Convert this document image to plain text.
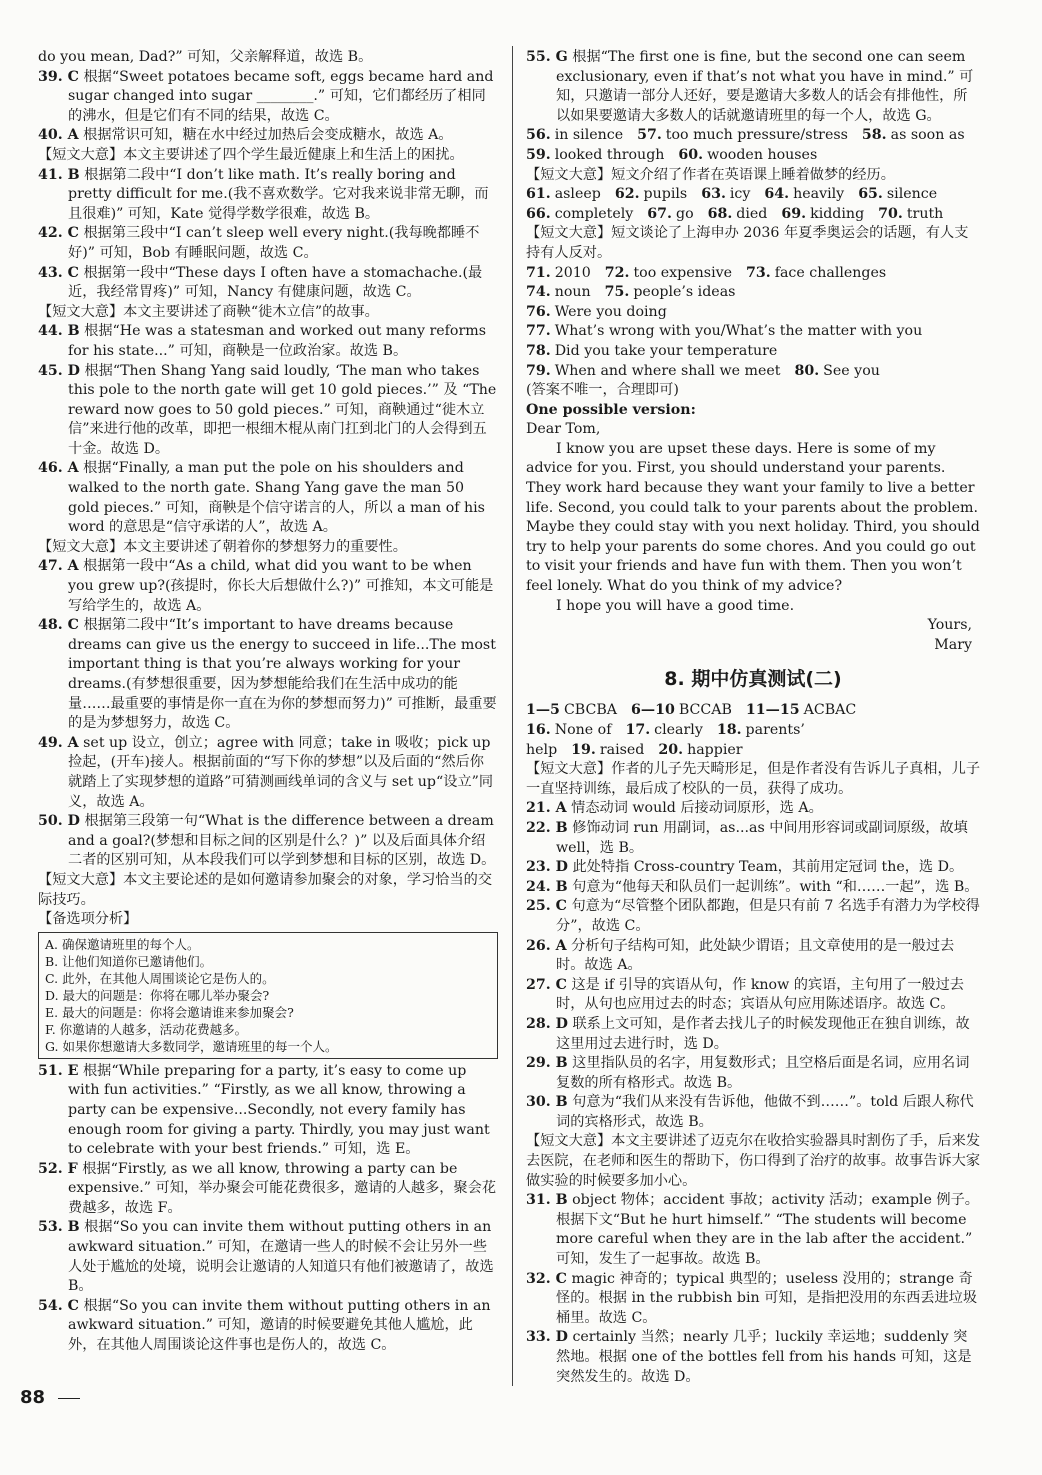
do you mean, Dad?” 可知，父亲解释道，故选 B。

39. C 根据“Sweet potatoes became soft, eggs became hard and sugar changed into sugar ________.” 可知，它们都经历了相同的沸水，但是它们有不同的结果，故选 C。

40. A 根据常识可知，糖在水中经过加热后会变成糖水，故选 A。

【短文大意】本文主要讲述了四个学生最近健康上和生活上的困扰。

41. B 根据第二段中“I don’t like math. It’s really boring and pretty difficult for me.(我不喜欢数学。它对我来说非常无聊，而且很难)” 可知，Kate 觉得学数学很难，故选 B。

42. C 根据第三段中“I can’t sleep well every night.(我每晚都睡不好)” 可知，Bob 有睡眠问题，故选 C。

43. C 根据第一段中“These days I often have a stomachache.(最近，我经常胃疼)” 可知，Nancy 有健康问题，故选 C。

【短文大意】本文主要讲述了商鞅“徙木立信”的故事。

44. B 根据“He was a statesman and worked out many reforms for his state...” 可知，商鞅是一位政治家。故选 B。

45. D 根据“Then Shang Yang said loudly, ‘The man who takes this pole to the north gate will get 10 gold pieces.’” 及 “The reward now goes to 50 gold pieces.” 可知，商鞅通过“徙木立信”来进行他的改革，即把一根细木棍从南门扛到北门的人会得到五十金。故选 D。

46. A 根据“Finally, a man put the pole on his shoulders and walked to the north gate. Shang Yang gave the man 50 gold pieces.” 可知，商鞅是个信守诺言的人，所以 a man of his word 的意思是“信守承诺的人”，故选 A。

【短文大意】本文主要讲述了朝着你的梦想努力的重要性。

47. A 根据第一段中“As a child, what did you want to be when you grew up?(孩提时，你长大后想做什么?)” 可推知，本文可能是写给学生的，故选 A。

48. C 根据第二段中“It’s important to have dreams because dreams can give us the energy to succeed in life...The most important thing is that you’re always working for your dreams.(有梦想很重要，因为梦想能给我们在生活中成功的能量……最重要的事情是你一直在为你的梦想而努力)” 可推断，最重要的是为梦想努力，故选 C。

49. A set up 设立，创立；agree with 同意；take in 吸收；pick up 捡起，(开车)接人。根据前面的“写下你的梦想”以及后面的“然后你就踏上了实现梦想的道路”可猜测画线单词的含义与 set up“设立”同义，故选 A。

50. D 根据第三段第一句“What is the difference between a dream and a goal?(梦想和目标之间的区别是什么？)” 以及后面具体介绍二者的区别可知，从本段我们可以学到梦想和目标的区别，故选 D。

【短文大意】本文主要论述的是如何邀请参加聚会的对象，学习恰当的交际技巧。

【备选项分析】

A. 确保邀请班里的每个人。
B. 让他们知道你已邀请他们。
C. 此外，在其他人周围谈论它是伤人的。
D. 最大的问题是：你将在哪儿举办聚会?
E. 最大的问题是：你将会邀请谁来参加聚会?
F. 你邀请的人越多，活动花费越多。
G. 如果你想邀请大多数同学，邀请班里的每一个人。

51. E 根据“While preparing for a party, it’s easy to come up with fun activities.” “Firstly, as we all know, throwing a party can be expensive...Secondly, not every family has enough room for giving a party. Thirdly, you may just want to celebrate with your best friends.” 可知，选 E。

52. F 根据“Firstly, as we all know, throwing a party can be expensive.” 可知，举办聚会可能花费很多，邀请的人越多，聚会花费越多，故选 F。

53. B 根据“So you can invite them without putting others in an awkward situation.” 可知，在邀请一些人的时候不会让另外一些人处于尴尬的处境，说明会让邀请的人知道只有他们被邀请了，故选 B。

54. C 根据“So you can invite them without putting others in an awkward situation.” 可知，邀请的时候要避免其他人尴尬，此外，在其他人周围谈论这件事也是伤人的，故选 C。

55. G 根据“The first one is fine, but the second one can seem exclusionary, even if that’s not what you have in mind.” 可知，只邀请一部分人还好，要是邀请大多数人的话会有排他性，所以如果要邀请大多数人的话就邀请班里的每一个人，故选 G。

56. in silence 57. too much pressure/stress 58. as soon as

59. looked through 60. wooden houses

【短文大意】短文介绍了作者在英语课上睡着做梦的经历。

61. asleep 62. pupils 63. icy 64. heavily 65. silence

66. completely 67. go 68. died 69. kidding 70. truth

【短文大意】短文谈论了上海申办 2036 年夏季奥运会的话题，有人支持有人反对。

71. 2010 72. too expensive 73. face challenges

74. noun 75. people’s ideas

76. Were you doing

77. What’s wrong with you/What’s the matter with you

78. Did you take your temperature

79. When and where shall we meet 80. See you

(答案不唯一，合理即可)

One possible version:

Dear Tom,

I know you are upset these days. Here is some of my advice for you. First, you should understand your parents. They work hard because they want your family to live a better life. Second, you could talk to your parents about the problem. Maybe they could stay with you next holiday. Third, you should try to help your parents do some chores. And you could go out to visit your friends and have fun with them. Then you won’t feel lonely. What do you think of my advice?

I hope you will have a good time.

Yours,

Mary

8. 期中仿真测试(二)

1—5 CBCBA 6—10 BCCAB 11—15 ACBAC

16. None of 17. clearly 18. parents’ help 19. raised 20. happier

【短文大意】作者的儿子先天畸形足，但是作者没有告诉儿子真相，儿子一直坚持训练，最后成了校队的一员，获得了成功。

21. A 情态动词 would 后接动词原形，选 A。

22. B 修饰动词 run 用副词，as...as 中间用形容词或副词原级，故填 well，选 B。

23. D 此处特指 Cross-country Team，其前用定冠词 the，选 D。

24. B 句意为“他每天和队员们一起训练”。with “和……一起”，选 B。

25. C 句意为“尽管整个团队都跑，但是只有前 7 名选手有潜力为学校得分”，故选 C。

26. A 分析句子结构可知，此处缺少谓语；且文章使用的是一般过去时。故选 A。

27. C 这是 if 引导的宾语从句，作 know 的宾语，主句用了一般过去时，从句也应用过去的时态；宾语从句应用陈述语序。故选 C。

28. D 联系上文可知，是作者去找儿子的时候发现他正在独自训练，故这里用过去进行时，选 D。

29. B 这里指队员的名字，用复数形式；且空格后面是名词，应用名词复数的所有格形式。故选 B。

30. B 句意为“我们从来没有告诉他，他做不到……”。told 后跟人称代词的宾格形式，故选 B。

【短文大意】本文主要讲述了迈克尔在收拾实验器具时割伤了手，后来发去医院，在老师和医生的帮助下，伤口得到了治疗的故事。故事告诉大家做实验的时候要多加小心。

31. B object 物体；accident 事故；activity 活动；example 例子。根据下文“But he hurt himself.” “The students will become more careful when they are in the lab after the accident.” 可知，发生了一起事故。故选 B。

32. C magic 神奇的；typical 典型的；useless 没用的；strange 奇怪的。根据 in the rubbish bin 可知，是指把没用的东西丢进垃圾桶里。故选 C。

33. D certainly 当然；nearly 几乎；luckily 幸运地；suddenly 突然地。根据 one of the bottles fell from his hands 可知，这是突然发生的。故选 D。

88
